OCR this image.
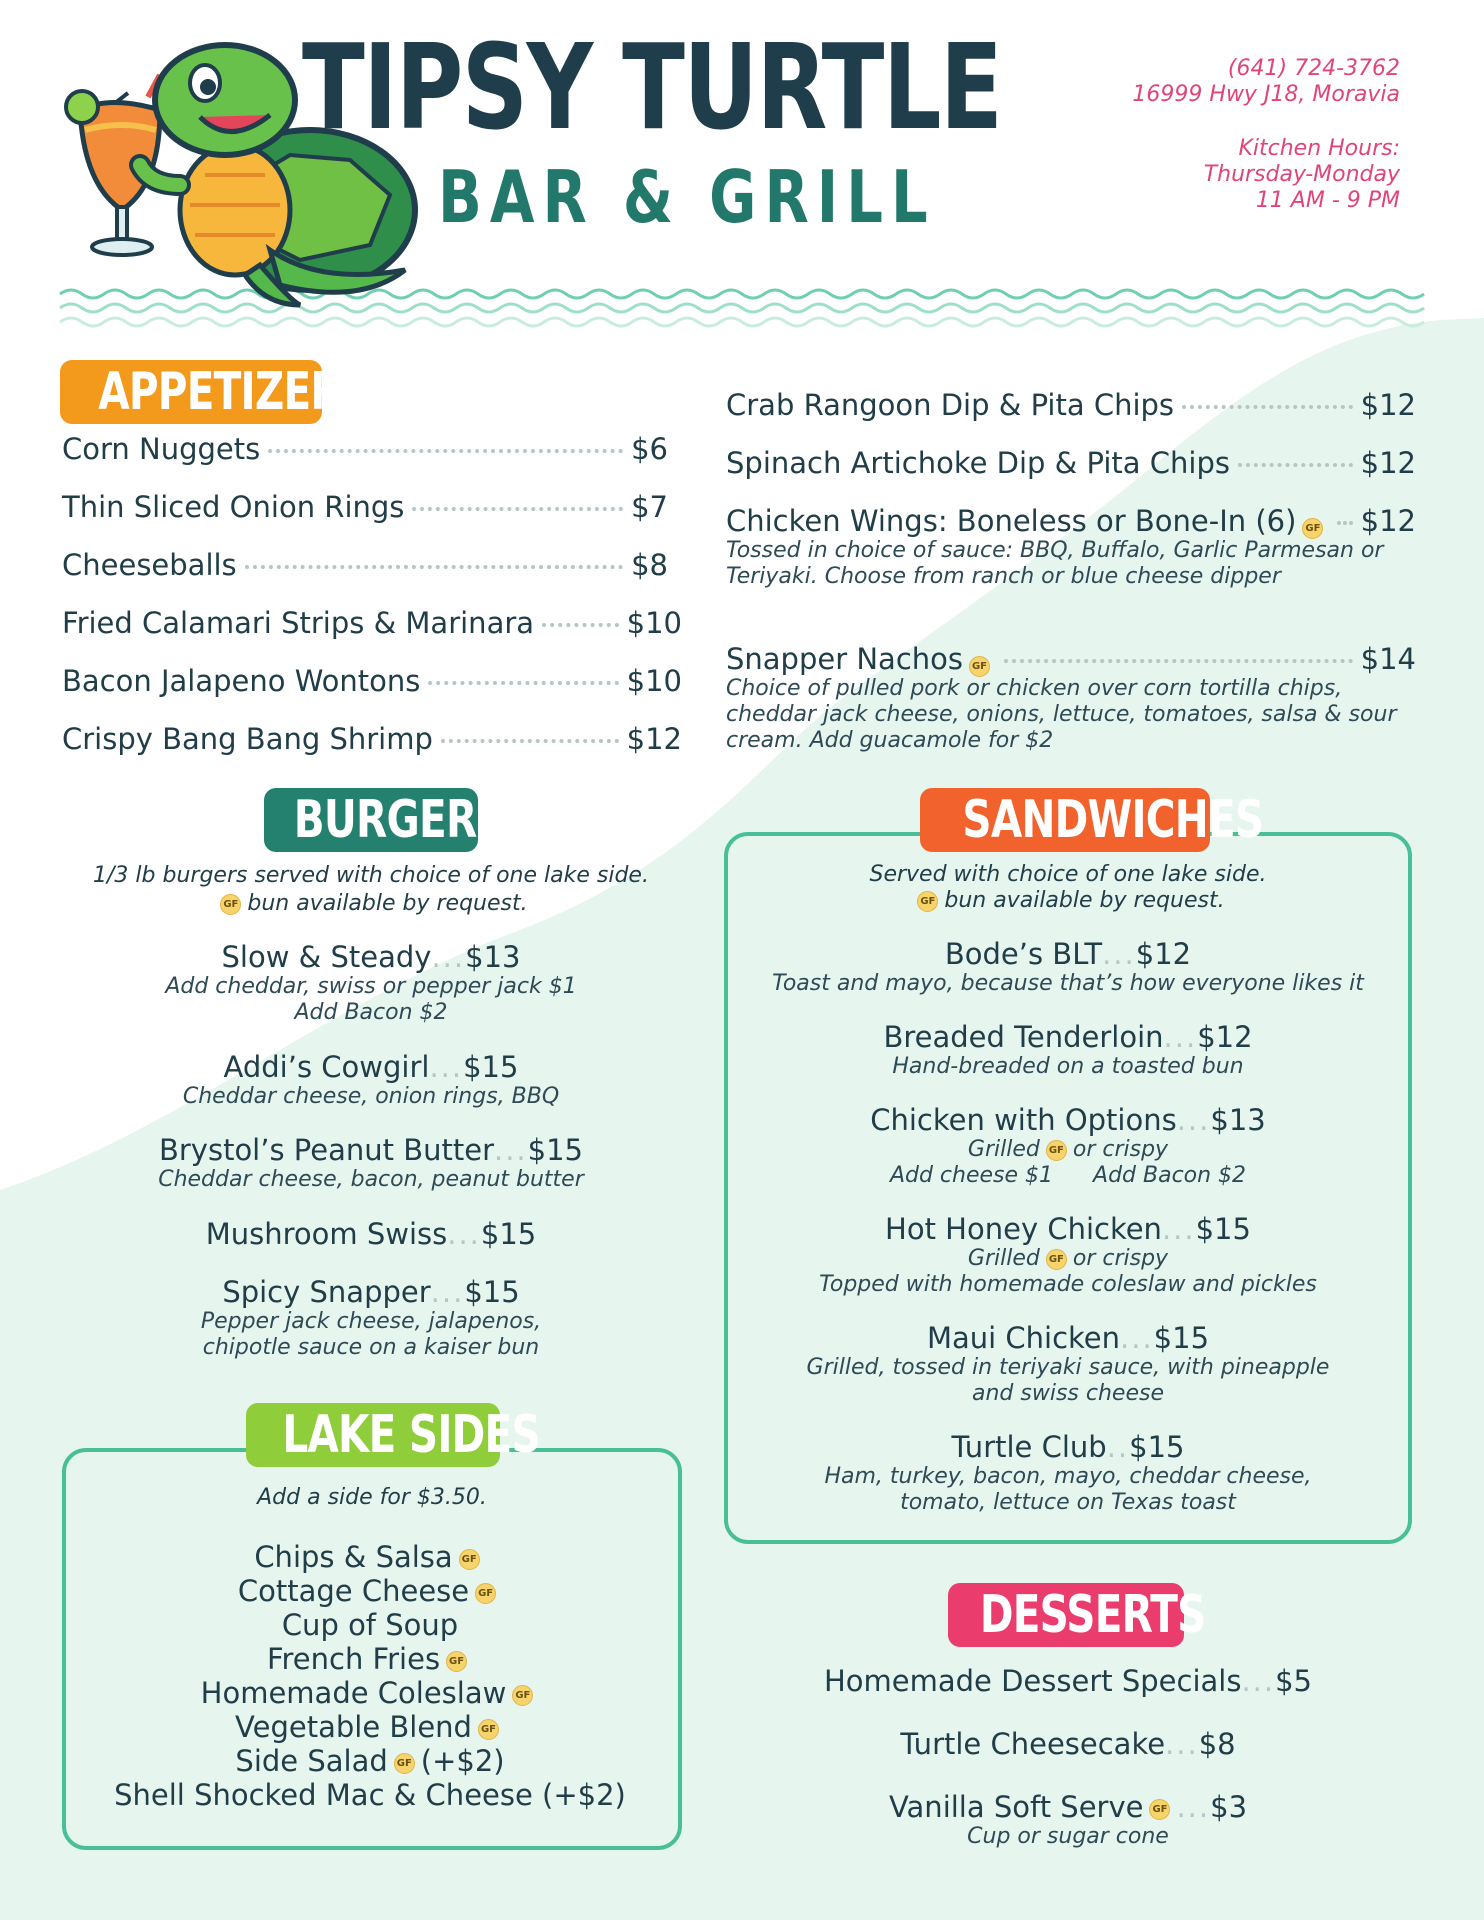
TIPSY TURTLE
BAR & GRILL
(641) 724-3762
16999 Hwy J18, Moravia
Kitchen Hours:
Thursday-Monday
11 AM - 9 PM
APPETIZERS
Corn Nuggets	$6
Thin Sliced Onion Rings	$7
Cheeseballs	$8
Fried Calamari Strips & Marinara	$10
Bacon Jalapeno Wontons	$10
Crispy Bang Bang Shrimp	$12
Crab Rangoon Dip & Pita Chips	$12
Spinach Artichoke Dip & Pita Chips	$12
Chicken Wings: Boneless or Bone-In (6) GF $12
Tossed in choice of sauce: BBQ, Buffalo, Garlic Parmesan or Teriyaki. Choose from ranch or blue cheese dipper
Snapper Nachos GF	$14
Choice of pulled pork or chicken over corn tortilla chips, cheddar jack cheese, onions, lettuce, tomatoes, salsa & sour cream. Add guacamole for $2
BURGERS
1/3 lb burgers served with choice of one lake side.
GF bun available by request.
Slow & Steady...$13
Add cheddar, swiss or pepper jack $1
Add Bacon $2
Addi’s Cowgirl...$15
Cheddar cheese, onion rings, BBQ
Brystol’s Peanut Butter...$15
Cheddar cheese, bacon, peanut butter
Mushroom Swiss...$15
Spicy Snapper...$15
Pepper jack cheese, jalapenos,
chipotle sauce on a kaiser bun
LAKE SIDES
Add a side for $3.50.
Chips & Salsa GF
Cottage Cheese GF
Cup of Soup
French Fries GF
Homemade Coleslaw GF
Vegetable Blend GF
Side Salad GF (+$2)
Shell Shocked Mac & Cheese (+$2)
SANDWICHES
Served with choice of one lake side.
GF bun available by request.
Bode’s BLT...$12
Toast and mayo, because that’s how everyone likes it
Breaded Tenderloin...$12
Hand-breaded on a toasted bun
Chicken with Options...$13
Grilled GF or crispy
Add cheese $1 Add Bacon $2
Hot Honey Chicken...$15
Grilled GF or crispy
Topped with homemade coleslaw and pickles
Maui Chicken...$15
Grilled, tossed in teriyaki sauce, with pineapple
and swiss cheese
Turtle Club..$15
Ham, turkey, bacon, mayo, cheddar cheese,
tomato, lettuce on Texas toast
DESSERTS
Homemade Dessert Specials...$5
Turtle Cheesecake...$8
Vanilla Soft Serve GF ...$3
Cup or sugar cone
